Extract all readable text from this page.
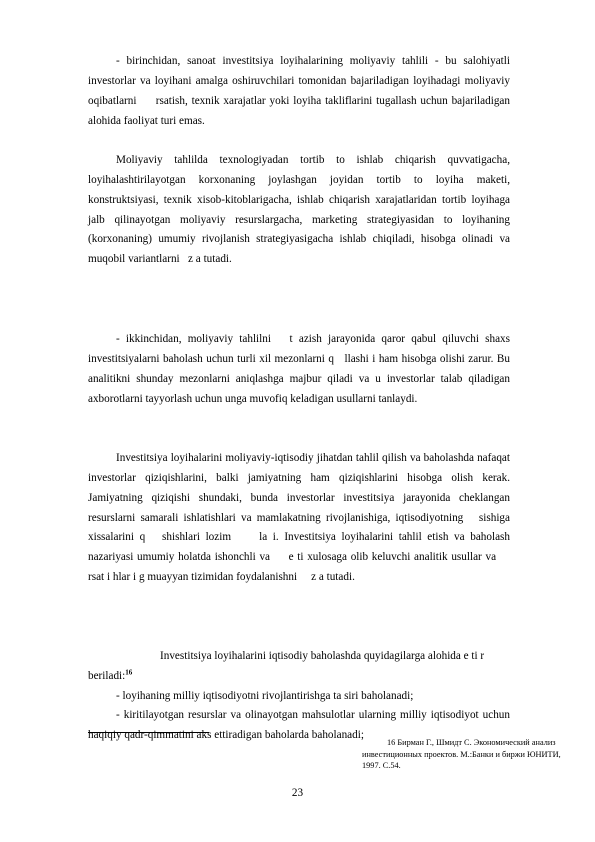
- birinchidan, sanoat investitsiya loyihalarining moliyaviy tahlili - bu salohiyatli investorlar va loyihani amalga oshiruvchilari tomonidan bajariladigan loyihadagi moliyaviy oqibatlarni     rsatish, texnik xarajatlar yoki loyiha takliflarini tugallash uchun bajariladigan alohida faoliyat turi emas.

Moliyaviy tahlilda texnologiyadan tortib to ishlab chiqarish quvvatigacha, loyihalashtirilayotgan korxonaning joylashgan joyidan tortib to loyiha maketi, konstruktsiyasi, texnik xisob-kitoblarigacha, ishlab chiqarish xarajatlaridan tortib loyihaga jalb qilinayotgan moliyaviy resurslargacha, marketing strategiyasidan to loyihaning (korxonaning) umumiy rivojlanish strategiyasigacha ishlab chiqiladi, hisobga olinadi va muqobil variantlarni   z a tutadi.

- ikkinchidan, moliyaviy tahlilni   t azish jarayonida qaror qabul qiluvchi shaxs investitsiyalarni baholash uchun turli xil mezonlarni q   llashi i ham hisobga olishi zarur. Bu analitikni shunday mezonlarni aniqlashga majbur qiladi va u investorlar talab qiladigan axborotlarni tayyorlash uchun unga muvofiq keladigan usullarni tanlaydi.

Investitsiya loyihalarini moliyaviy-iqtisodiy jihatdan tahlil qilish va baholashda nafaqat investorlar qiziqishlarini, balki jamiyatning ham qiziqishlarini hisobga olish kerak. Jamiyatning qiziqishi shundaki, bunda investorlar investitsiya jarayonida cheklangan resurslarni samarali ishlatishlari va mamlakatning rivojlanishiga, iqtisodiyotning   sishiga xissalarini q   shishlari lozim     la i. Investitsiya loyihalarini tahlil etish va baholash nazariyasi umumiy holatda ishonchli va     e ti xulosaga olib keluvchi analitik usullar va     rsat i hlar i g muayyan tizimidan foydalanishni     z a tutadi.

Investitsiya loyihalarini iqtisodiy baholashda quyidagilarga alohida e ti r beriladi:$^{16}$

- loyihaning milliy iqtisodiyotni rivojlantirishga ta siri baholanadi;

- kiritilayotgan resurslar va olinayotgan mahsulotlar ularning milliy iqtisodiyot uchun haqiqiy qadr-qimmatini aks ettiradigan baholarda baholanadi;

16 Бирман Г., Шмидт С. Экономический анализ инвестиционных проектов. М.:Банки и биржи ЮНИТИ, 1997. С.54.
23
